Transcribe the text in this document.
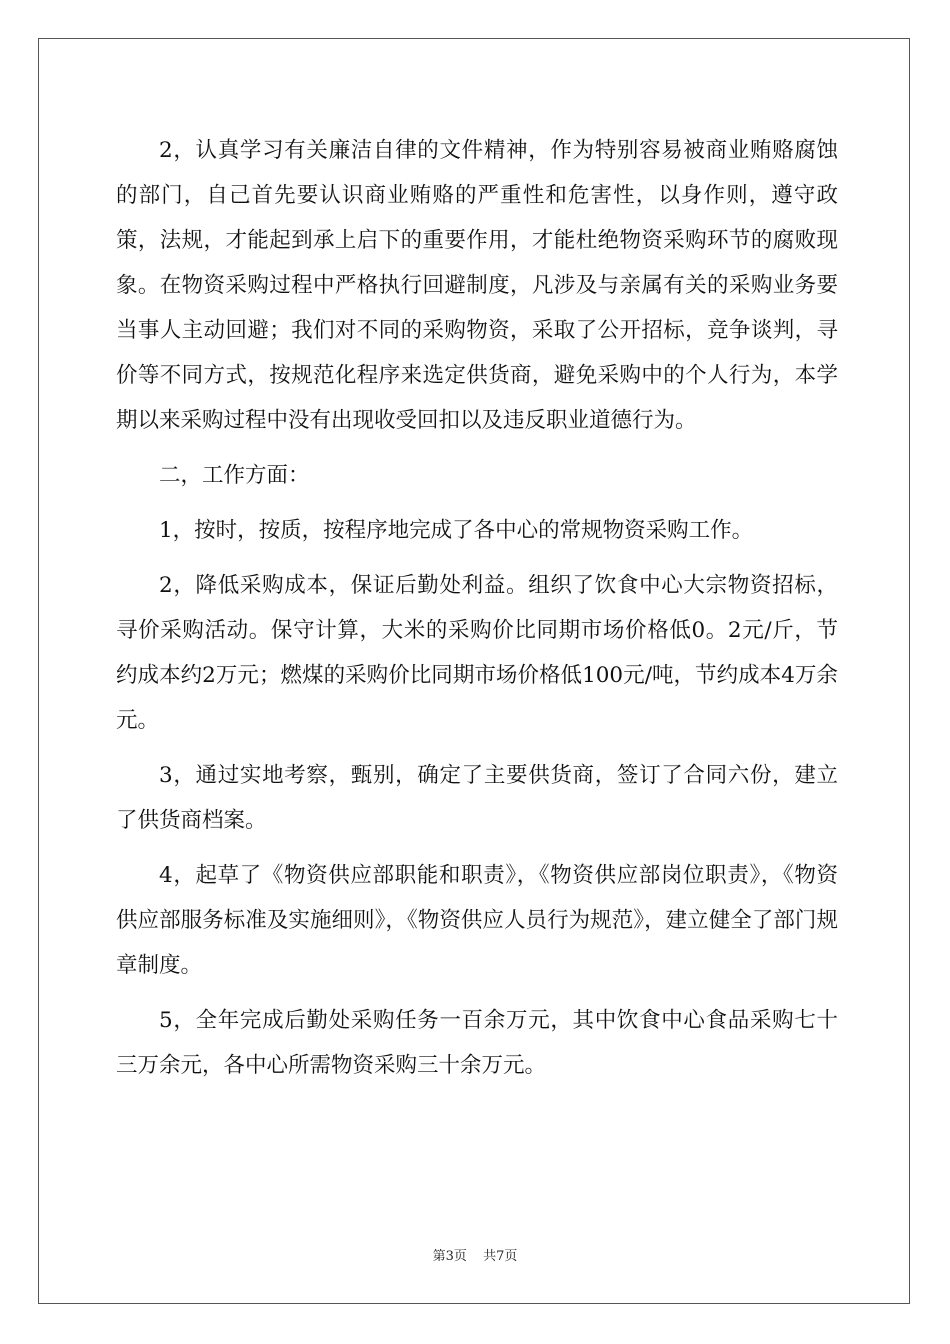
2，认真学习有关廉洁自律的文件精神，作为特别容易被商业贿赂腐蚀的部门，自己首先要认识商业贿赂的严重性和危害性，以身作则，遵守政策，法规，才能起到承上启下的重要作用，才能杜绝物资采购环节的腐败现象。在物资采购过程中严格执行回避制度，凡涉及与亲属有关的采购业务要当事人主动回避；我们对不同的采购物资，采取了公开招标，竞争谈判，寻价等不同方式，按规范化程序来选定供货商，避免采购中的个人行为，本学期以来采购过程中没有出现收受回扣以及违反职业道德行为。

二，工作方面：

1，按时，按质，按程序地完成了各中心的常规物资采购工作。

2，降低采购成本，保证后勤处利益。组织了饮食中心大宗物资招标，寻价采购活动。保守计算，大米的采购价比同期市场价格低0。2元/斤，节约成本约2万元；燃煤的采购价比同期市场价格低100元/吨，节约成本4万余元。

3，通过实地考察，甄别，确定了主要供货商，签订了合同六份，建立了供货商档案。

4，起草了《物资供应部职能和职责》，《物资供应部岗位职责》，《物资供应部服务标准及实施细则》，《物资供应人员行为规范》，建立健全了部门规章制度。

5，全年完成后勤处采购任务一百余万元，其中饮食中心食品采购七十三万余元，各中心所需物资采购三十余万元。

第3页 共7页
